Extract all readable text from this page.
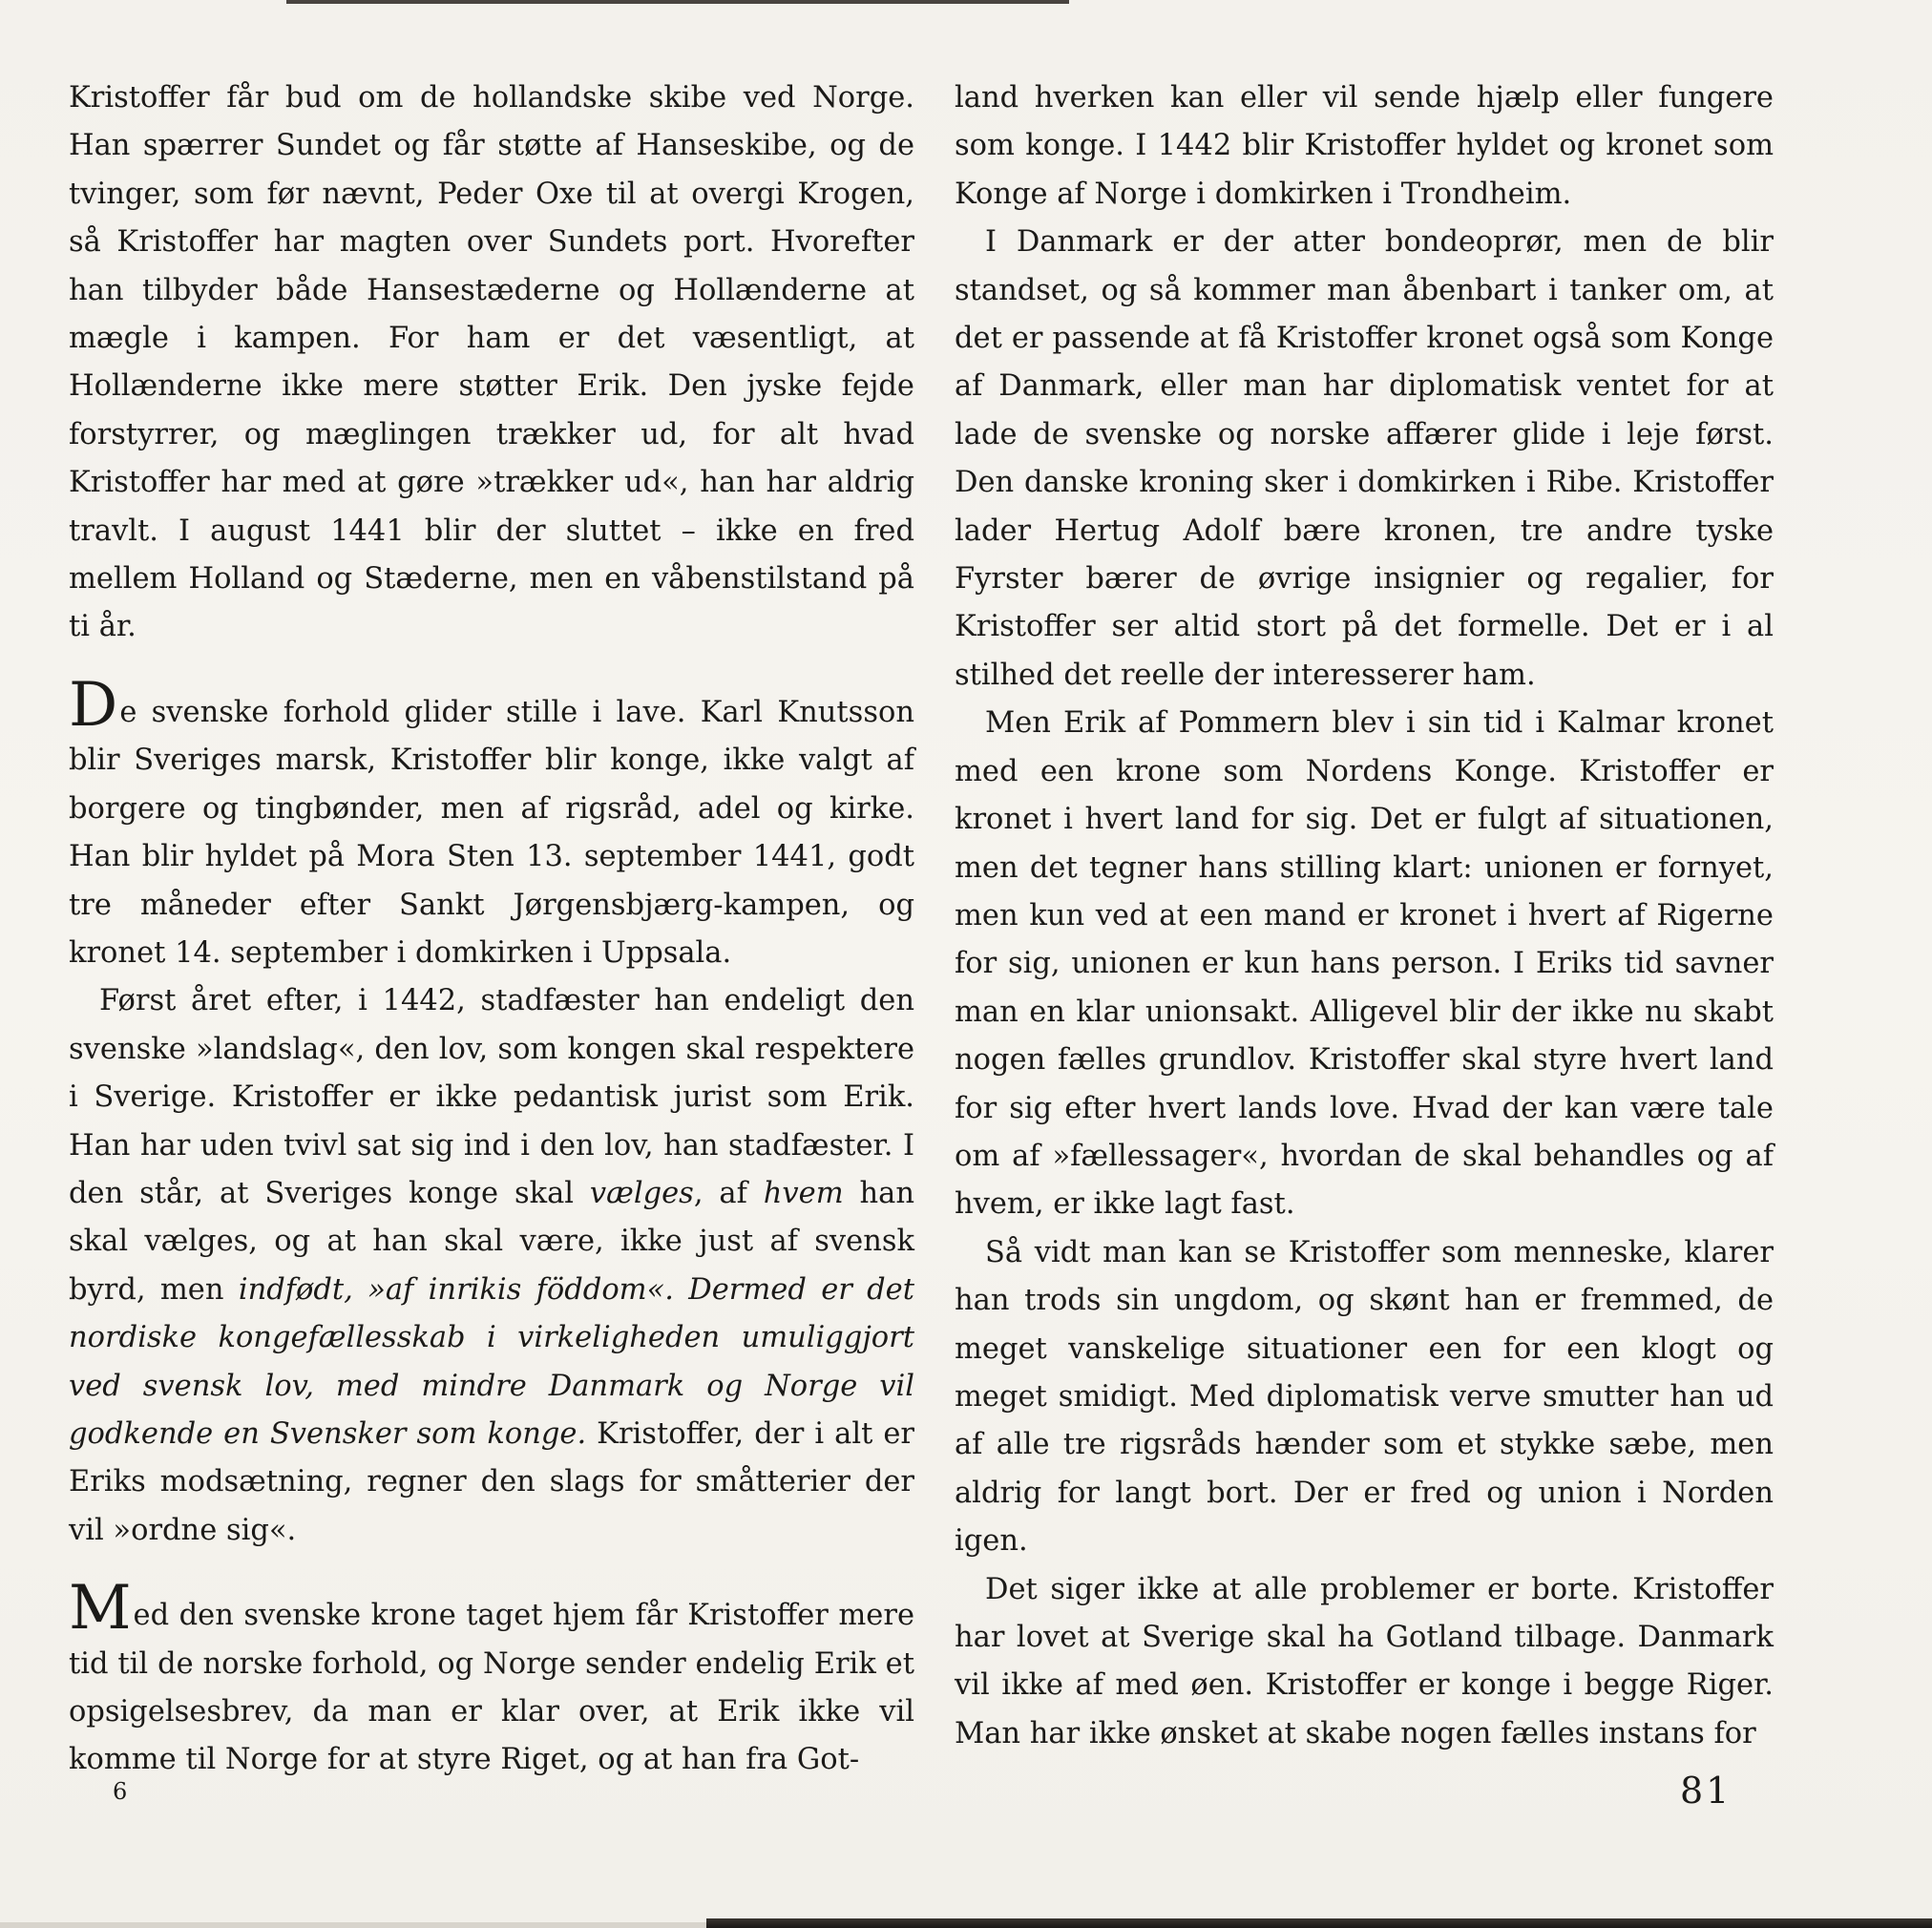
Kristoffer får bud om de hollandske skibe ved Norge. Han spærrer Sundet og får støtte af Hanseskibe, og de tvinger, som før nævnt, Peder Oxe til at overgi Krogen, så Kristoffer har magten over Sundets port. Hvorefter han tilbyder både Hansestæderne og Hollænderne at mægle i kampen. For ham er det væsentligt, at Hollænderne ikke mere støtter Erik. Den jyske fejde forstyrrer, og mæglingen trækker ud, for alt hvad Kristoffer har med at gøre »trækker ud«, han har aldrig travlt. I august 1441 blir der sluttet – ikke en fred mellem Holland og Stæderne, men en våbenstilstand på ti år.

De svenske forhold glider stille i lave. Karl Knutsson blir Sveriges marsk, Kristoffer blir konge, ikke valgt af borgere og tingbønder, men af rigsråd, adel og kirke. Han blir hyldet på Mora Sten 13. september 1441, godt tre måneder efter Sankt Jørgensbjærg-kampen, og kronet 14. september i domkirken i Uppsala.

Først året efter, i 1442, stadfæster han endeligt den svenske »landslag«, den lov, som kongen skal respektere i Sverige. Kristoffer er ikke pedantisk jurist som Erik. Han har uden tvivl sat sig ind i den lov, han stadfæster. I den står, at Sveriges konge skal vælges, af hvem han skal vælges, og at han skal være, ikke just af svensk byrd, men indfødt, »af inrikis föddom«. Dermed er det nordiske kongefællesskab i virkeligheden umuliggjort ved svensk lov, med mindre Danmark og Norge vil godkende en Svensker som konge. Kristoffer, der i alt er Eriks modsætning, regner den slags for småtterier der vil »ordne sig«.

Med den svenske krone taget hjem får Kristoffer mere tid til de norske forhold, og Norge sender endelig Erik et opsigelsesbrev, da man er klar over, at Erik ikke vil komme til Norge for at styre Riget, og at han fra Got-

land hverken kan eller vil sende hjælp eller fungere som konge. I 1442 blir Kristoffer hyldet og kronet som Konge af Norge i domkirken i Trondheim.

I Danmark er der atter bondeoprør, men de blir standset, og så kommer man åbenbart i tanker om, at det er passende at få Kristoffer kronet også som Konge af Danmark, eller man har diplomatisk ventet for at lade de svenske og norske affærer glide i leje først. Den danske kroning sker i domkirken i Ribe. Kristoffer lader Hertug Adolf bære kronen, tre andre tyske Fyrster bærer de øvrige insignier og regalier, for Kristoffer ser altid stort på det formelle. Det er i al stilhed det reelle der interesserer ham.

Men Erik af Pommern blev i sin tid i Kalmar kronet med een krone som Nordens Konge. Kristoffer er kronet i hvert land for sig. Det er fulgt af situationen, men det tegner hans stilling klart: unionen er fornyet, men kun ved at een mand er kronet i hvert af Rigerne for sig, unionen er kun hans person. I Eriks tid savner man en klar unionsakt. Alligevel blir der ikke nu skabt nogen fælles grundlov. Kristoffer skal styre hvert land for sig efter hvert lands love. Hvad der kan være tale om af »fællessager«, hvordan de skal behandles og af hvem, er ikke lagt fast.

Så vidt man kan se Kristoffer som menneske, klarer han trods sin ungdom, og skønt han er fremmed, de meget vanskelige situationer een for een klogt og meget smidigt. Med diplomatisk verve smutter han ud af alle tre rigsråds hænder som et stykke sæbe, men aldrig for langt bort. Der er fred og union i Norden igen.

Det siger ikke at alle problemer er borte. Kristoffer har lovet at Sverige skal ha Gotland tilbage. Danmark vil ikke af med øen. Kristoffer er konge i begge Riger. Man har ikke ønsket at skabe nogen fælles instans for

6	81
